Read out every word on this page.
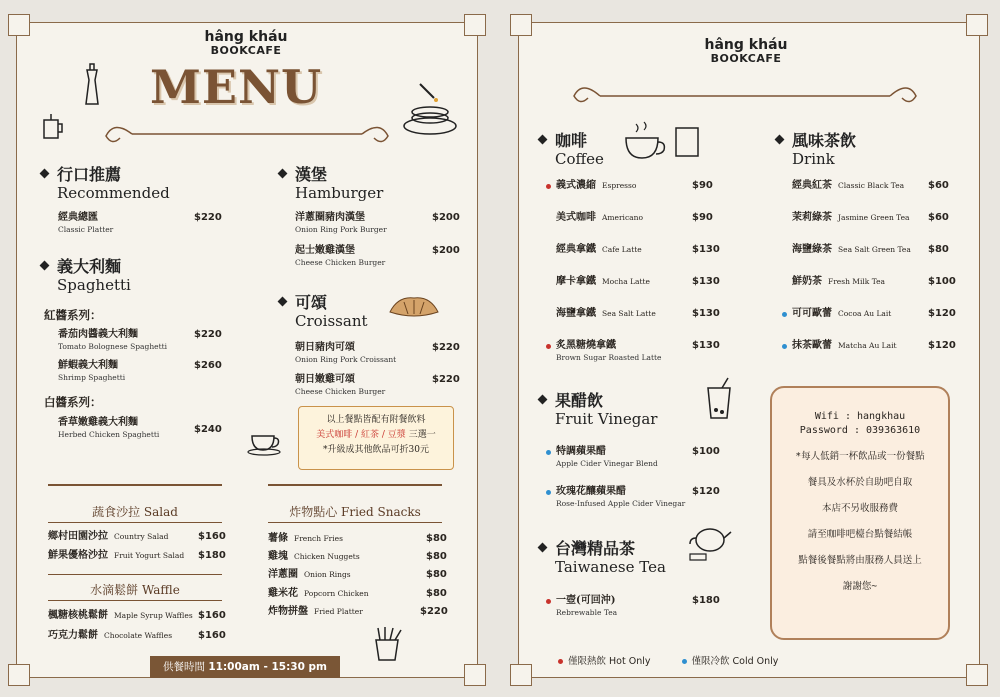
hâng kháu
BOOKCAFE
MENU
行口推薦
Recommended
經典總匯
Classic Platter
$220
義大利麵
Spaghetti
紅醬系列：
番茄肉醬義大利麵
Tomato Bolognese Spaghetti
$220
鮮蝦義大利麵
Shrimp Spaghetti
$260
白醬系列：
香草嫩雞義大利麵
Herbed Chicken Spaghetti	$240
漢堡
Hamburger
洋蔥圈豬肉漢堡
Onion Ring Pork Burger
$200
起士嫩雞漢堡
Cheese Chicken Burger
$200
可頌
Croissant
朝日豬肉可頌
Onion Ring Pork Croissant
$220
朝日嫩雞可頌
Cheese Chicken Burger
$220
以上餐點皆配有附餐飲料
美式咖啡 / 紅茶 / 豆漿 三選一
*升級成其他飲品可折30元
蔬食沙拉 Salad
鄉村田園沙拉 Country Salad	$160
鮮果優格沙拉 Fruit Yogurt Salad $180
水滴鬆餅 Waffle
楓糖核桃鬆餅 Maple Syrup Waffles $160
巧克力鬆餅 Chocolate Waffles	$160
炸物點心 Fried Snacks
薯條 French Fries	$80
雞塊 Chicken Nuggets	$80
洋蔥圈 Onion Rings	$80
雞米花 Popcorn Chicken	$80
炸物拼盤 Fried Platter	$220
供餐時間 11:00am - 15:30 pm
hâng kháu
BOOKCAFE
咖啡
Coffee
義式濃縮 Espresso	$90
美式咖啡 Americano	$90
經典拿鐵 Cafe Latte	$130
摩卡拿鐵 Mocha Latte	$130
海鹽拿鐵 Sea Salt Latte	$130
炙黑糖燒拿鐵
Brown Sugar Roasted Latte
$130
風味茶飲
Drink
經典紅茶 Classic Black Tea $60
茉莉綠茶 Jasmine Green Tea $60
海鹽綠茶 Sea Salt Green Tea $80
鮮奶茶 Fresh Milk Tea	$100
可可歐蕾 Cocoa Au Lait	$120
抹茶歐蕾 Matcha Au Lait	$120
果醋飲
Fruit Vinegar
特調蘋果醋
Apple Cider Vinegar Blend
$100
玫瑰花釀蘋果醋
Rose-Infused Apple Cider Vinegar
$120
台灣精品茶
Taiwanese Tea
一壺(可回沖)
Rebrewable Tea
$180

Wifi : hangkhau

Password : 039363610

*每人低銷一杯飲品或一份餐點

餐具及水杯於自助吧自取

本店不另收服務費

請至咖啡吧檯台點餐結帳

點餐後餐點將由服務人員送上

謝謝您~

僅限熱飲 Hot Only	僅限冷飲 Cold Only
